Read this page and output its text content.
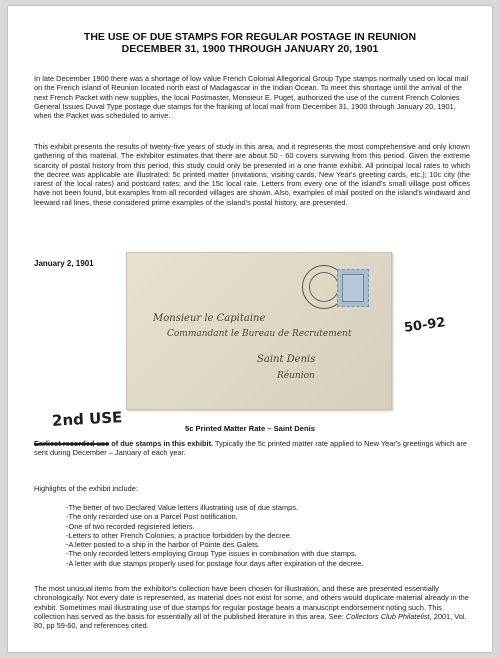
THE USE OF DUE STAMPS FOR REGULAR POSTAGE IN REUNION
DECEMBER 31, 1900 THROUGH JANUARY 20, 1901
In late December 1900 there was a shortage of low value French Colonial Allegorical Group Type stamps normally used on local mail on the French island of Reunion located north east of Madagascar in the Indian Ocean. To meet this shortage until the arrival of the next French Packet with new supplies, the local Postmaster, Monsieur E. Puget, authorized the use of the current French Colonies General Issues Duval Type postage due stamps for the franking of local mail from December 31, 1900 through January 20, 1901, when the Packet was scheduled to arrive.
This exhibit presents the results of twenty-five years of study in this area, and it represents the most comprehensive and only known gathering of this material. The exhibitor estimates that there are about 50 - 60 covers surviving from this period. Given the extreme scarcity of postal history from this period, this study could only be presented in a one frame exhibit. All principal local rates to which the decree was applicable are illustrated: 5c printed matter (invitations, visiting cards, New Year's greeting cards, etc.); 10c city (the rarest of the local rates) and postcard rates; and the 15c local rate. Letters from every one of the island's small village post offices have not been found, but examples from all recorded villages are shown. Also, examples of mail posted on the island's windward and leeward rail lines, these considered prime examples of the island's postal history, are presented.
January 2, 1901
Monsieur le Capitaine
Commandant le Bureau de Recrutement
Saint Denis
Réunion
50-92
2nd USE	5c Printed Matter Rate – Saint Denis
Earliest recorded use of due stamps in this exhibit. Typically the 5c printed matter rate applied to New Year's greetings which are sent during December – January of each year.
Highlights of the exhibit include:
-The better of two Declared Value letters illustrating use of due stamps.
-The only recorded use on a Parcel Post notification.
-One of two recorded registered letters.
-Letters to other French Colonies, a practice forbidden by the decree.
-A letter posted to a ship in the harbor of Pointe des Galets.
-The only recorded letters employing Group Type issues in combination with due stamps.
-A letter with due stamps properly used for postage four days after expiration of the decree.
The most unusual items from the exhibitor's collection have been chosen for illustration, and these are presented essentially chronologically. Not every date is represented, as material does not exist for some, and others would duplicate material already in the exhibit. Sometimes mail illustrating use of due stamps for regular postage bears a manuscript endorsement noting such. This collection has served as the basis for essentially all of the published literature in this area. See: Collectors Club Philatelist, 2001, Vol. 80, pp 59-60, and references cited.
